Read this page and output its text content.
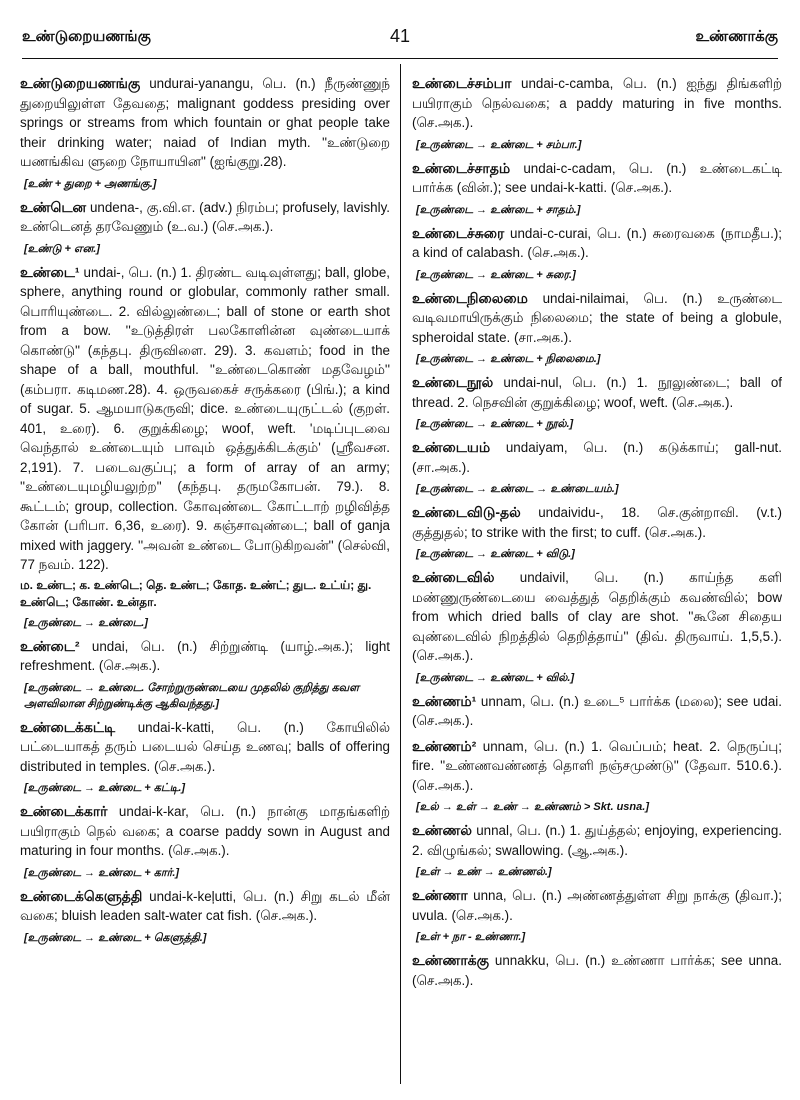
உண்டுறையணங்கு	41	உண்ணாக்கு
உண்டுறையணங்கு undurai-yanangu, பெ. (n.) நீருண்ணுந் துறையிலுள்ள தேவதை; malignant goddess presiding over springs or streams from which fountain or ghat people take their drinking water; naiad of Indian myth. ''உண்டுறை யணங்கிவ ளுறை நோயாயின'' (ஐங்குறு.28).
[உண் + துறை + அணங்கு.]
உண்டென undena-, கு.வி.எ. (adv.) நிரம்ப; profusely, lavishly. உண்டெனத் தரவேணும் (உ.வ.) (செ.அக.).
[உண்டு + என.]
உண்டை¹ undai-, பெ. (n.) 1. திரண்ட வடிவுள்ளது; ball, globe, sphere, anything round or globular, commonly rather small. பொரியுண்டை. 2. வில்லுண்டை; ball of stone or earth shot from a bow. ''உடுத்திரள் பலகோளின்ன வுண்டையாக் கொண்டு'' (கந்தபு. திருவிளை. 29). 3. கவளம்; food in the shape of a ball, mouthful. ''உண்டைகொண் மதவேழம்'' (கம்பரா. கடிமண.28). 4. ஒருவகைச் சருக்கரை (பிங்.); a kind of sugar. 5. ஆமயாடுகருவி; dice. உண்டையுருட்டல் (குறள். 401, உரை). 6. குறுக்கிழை; woof, weft. 'மடிப்புடவை வெந்தால் உண்டையும் பாவும் ஒத்துக்கிடக்கும்' (ஸ்ரீவசன. 2,191). 7. படைவகுப்பு; a form of array of an army; ''உண்டையுமழியலுற்ற'' (கந்தபு. தருமகோபன். 79.). 8. கூட்டம்; group, collection. கோவுண்டை கோட்டாற் றழிவித்த கோன் (பரிபா. 6,36, உரை). 9. கஞ்சாவுண்டை; ball of ganja mixed with jaggery. ''அவன் உண்டை போடுகிறவன்'' (செல்வி, 77 நவம். 122).
ம. உண்ட; க. உண்டெ; தெ. உண்ட; கோத. உண்ட்; துட. உட்ய்; து. உண்டெ; கோண். உன்தா.
[உருண்டை → உண்டை.]
உண்டை² undai, பெ. (n.) சிற்றுண்டி (யாழ்.அக.); light refreshment. (செ.அக.).
[உருண்டை → உண்டை. சோற்றுருண்டையை முதலில் குறித்து கவள அளவிலான சிற்றுண்டிக்கு ஆகிவந்தது.]
உண்டைக்கட்டி undai-k-katti, பெ. (n.) கோயிலில் பட்டையாகத் தரும் படையல் செய்த உணவு; balls of offering distributed in temples. (செ.அக.).
[உருண்டை → உண்டை + கட்டி.]
உண்டைக்கார் undai-k-kar, பெ. (n.) நான்கு மாதங்களிற் பயிராகும் நெல் வகை; a coarse paddy sown in August and maturing in four months. (செ.அக.).
[உருண்டை → உண்டை + கார்.]
உண்டைக்கெளுத்தி undai-k-keļutti, பெ. (n.) சிறு கடல் மீன் வகை; bluish leaden salt-water cat fish. (செ.அக.).
[உருண்டை → உண்டை + கெளுத்தி.]
உண்டைச்சம்பா undai-c-camba, பெ. (n.) ஐந்து திங்களிற் பயிராகும் நெல்வகை; a paddy maturing in five months. (செ.அக.).
[உருண்டை → உண்டை + சம்பா.]
உண்டைச்சாதம் undai-c-cadam, பெ. (n.) உண்டைகட்டி பார்க்க (வின்.); see undai-k-katti. (செ.அக.).
[உருண்டை → உண்டை + சாதம்.]
உண்டைச்சுரை undai-c-curai, பெ. (n.) சுரைவகை (நாமதீப.); a kind of calabash. (செ.அக.).
[உருண்டை → உண்டை + சுரை.]
உண்டைநிலைமை undai-nilaimai, பெ. (n.) உருண்டை வடிவமாயிருக்கும் நிலைமை; the state of being a globule, spheroidal state. (சா.அக.).
[உருண்டை → உண்டை + நிலைமை.]
உண்டைநூல் undai-nul, பெ. (n.) 1. நூலுண்டை; ball of thread. 2. நெசவின் குறுக்கிழை; woof, weft. (செ.அக.).
[உருண்டை → உண்டை + நூல்.]
உண்டையம் undaiyam, பெ. (n.) கடுக்காய்; gall-nut. (சா.அக.).
[உருண்டை → உண்டை → உண்டையம்.]
உண்டைவிடு-தல் undaividu-, 18. செ.குன்றாவி. (v.t.) குத்துதல்; to strike with the first; to cuff. (செ.அக.).
[உருண்டை → உண்டை + விடு.]
உண்டைவில் undaivil, பெ. (n.) காய்ந்த களி மண்ணுருண்டையை வைத்துத் தெறிக்கும் கவண்வில்; bow from which dried balls of clay are shot. ''கூனே சிதைய வுண்டைவில் நிறத்தில் தெறித்தாய்'' (திவ். திருவாய். 1,5,5.). (செ.அக.).
[உருண்டை → உண்டை + வில்.]
உண்ணம்¹ unnam, பெ. (n.) உடை⁵ பார்க்க (மலை); see udai. (செ.அக.).
உண்ணம்² unnam, பெ. (n.) 1. வெப்பம்; heat. 2. நெருப்பு; fire. ''உண்ணவண்ணத் தொளி நஞ்சமுண்டு'' (தேவா. 510.6.). (செ.அக.).
[உல் → உள் → உண் → உண்ணம் > Skt. usna.]
உண்ணல் unnal, பெ. (n.) 1. துய்த்தல்; enjoying, experiencing. 2. விழுங்கல்; swallowing. (ஆ.அக.).
[உள் → உண் → உண்ணல்.]
உண்ணா unna, பெ. (n.) அண்ணத்துள்ள சிறு நாக்கு (திவா.); uvula. (செ.அக.).
[உள் + நா - உண்ணா.]
உண்ணாக்கு unnakku, பெ. (n.) உண்ணா பார்க்க; see unna. (செ.அக.).
